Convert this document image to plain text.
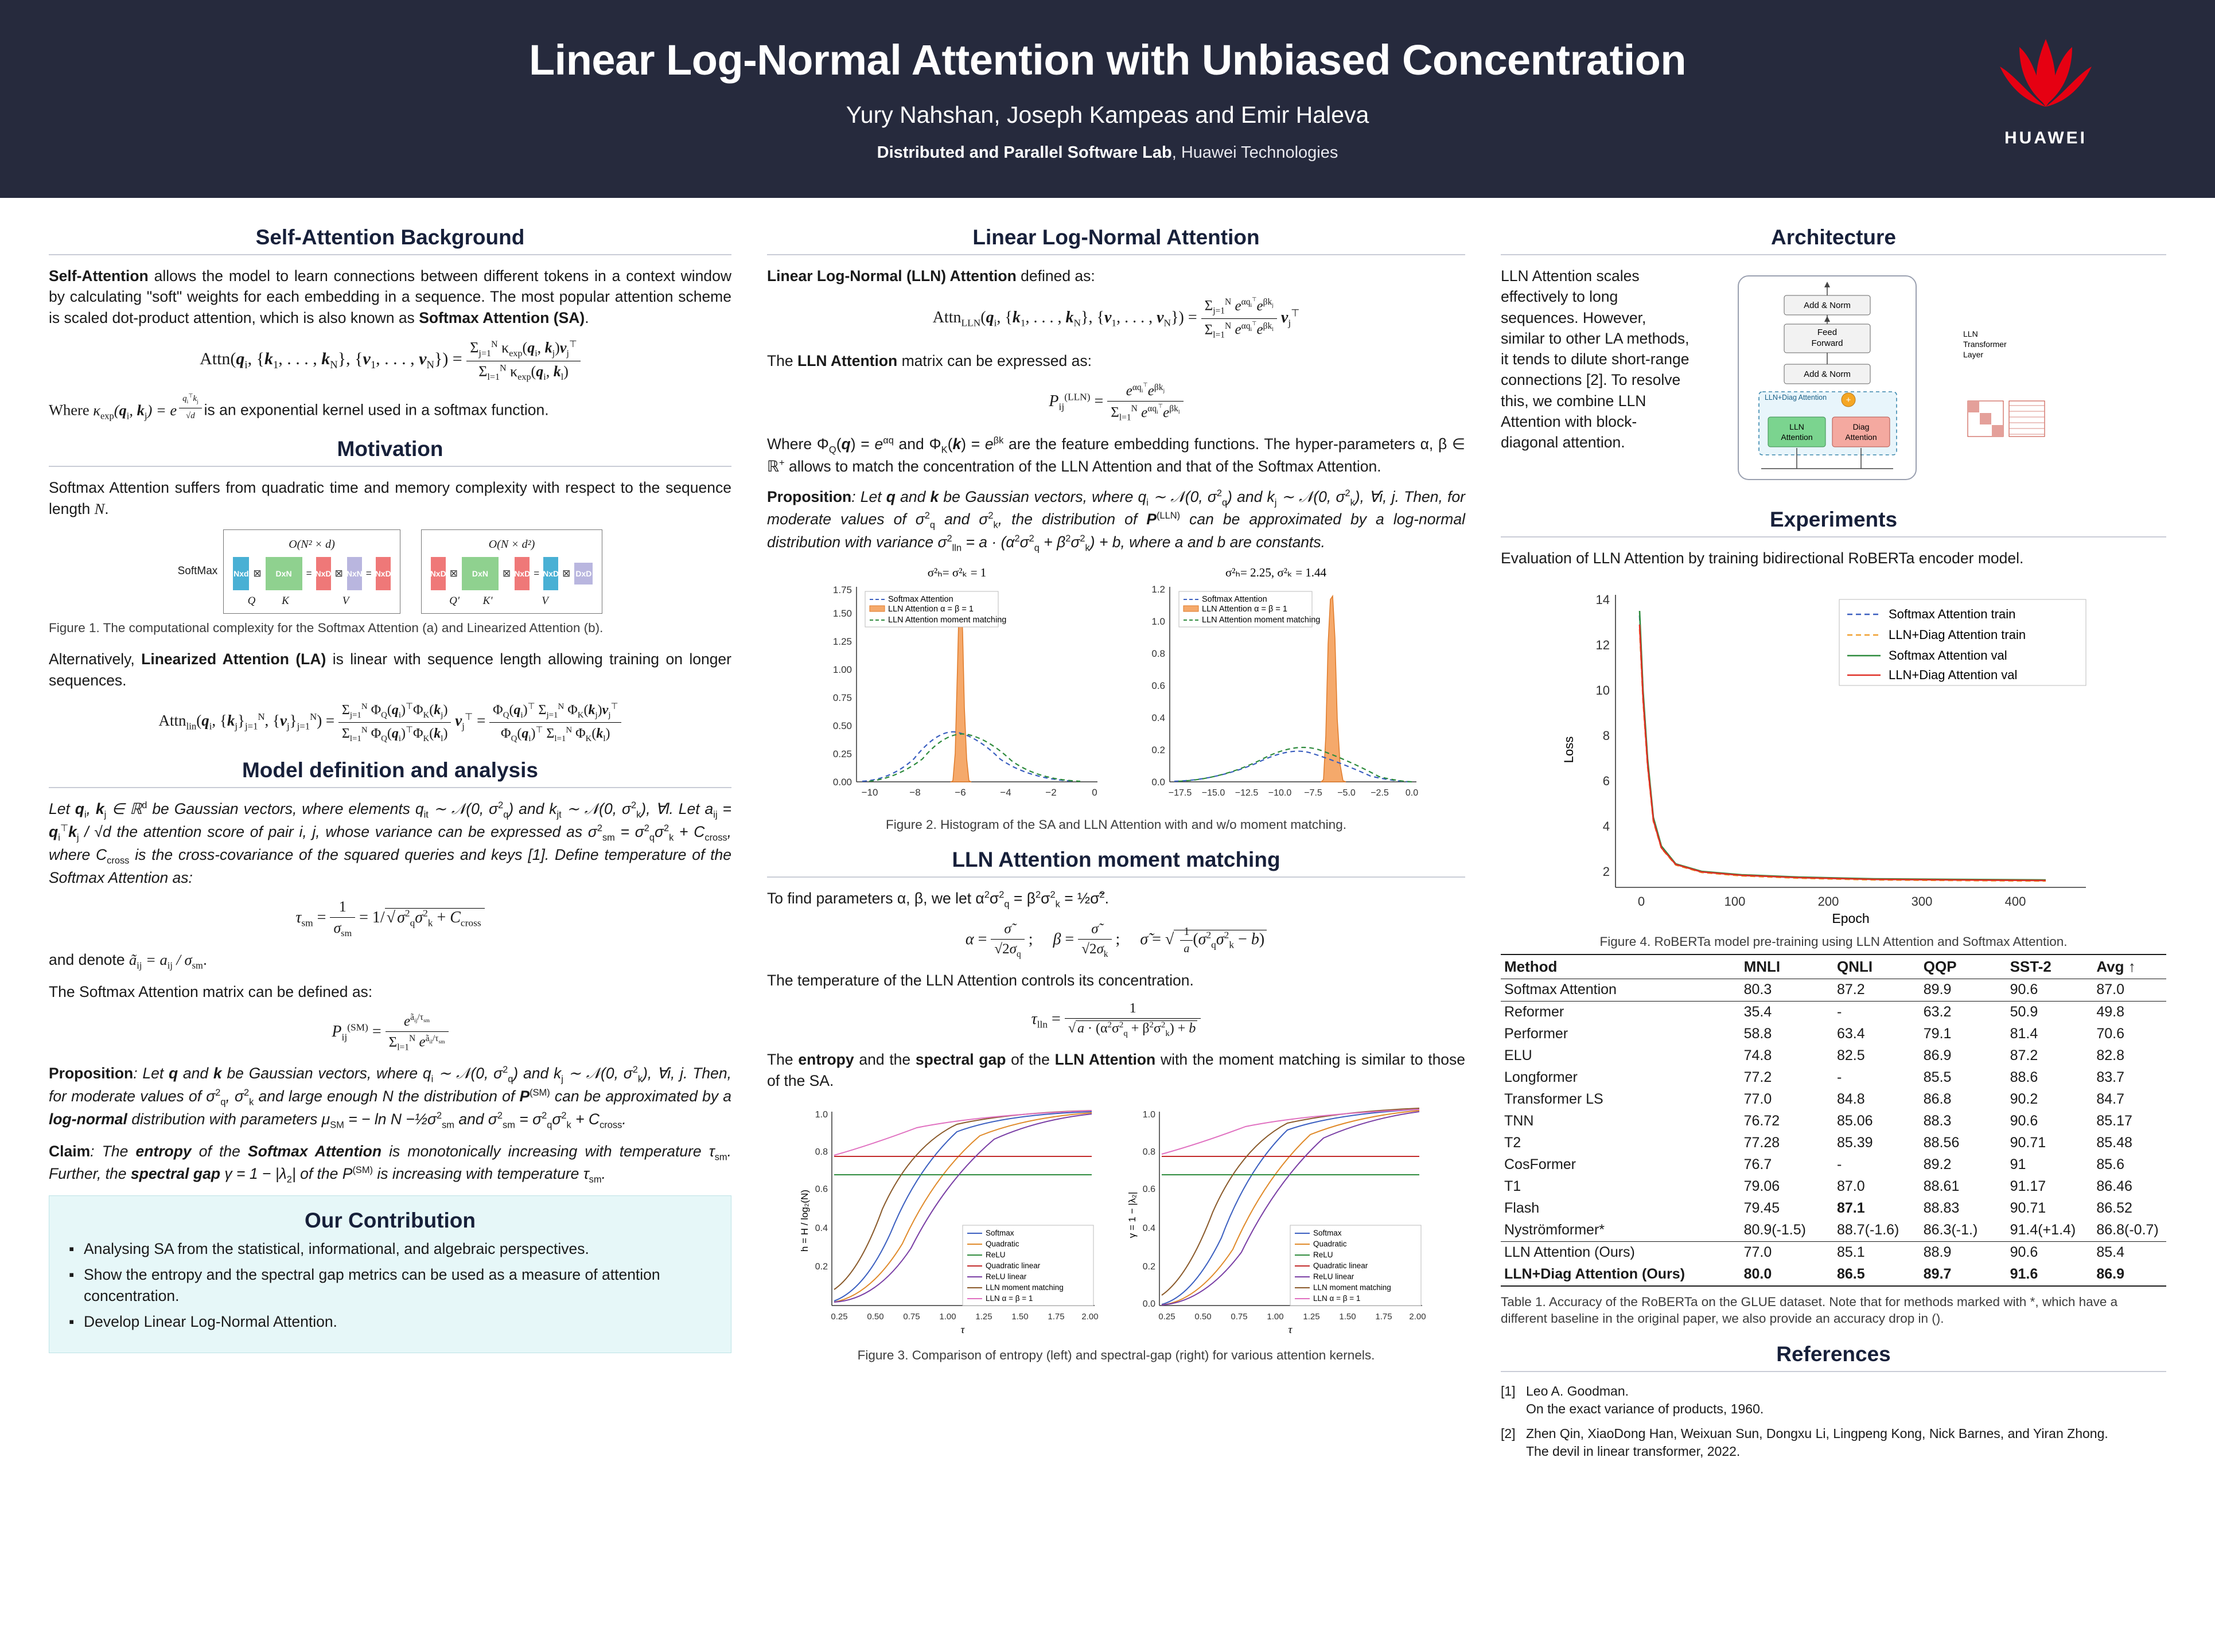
Linear Log-Normal Attention with Unbiased Concentration
Yury Nahshan, Joseph Kampeas and Emir Haleva
Distributed and Parallel Software Lab, Huawei Technologies
HUAWEI
Self-Attention Background

Self-Attention allows the model to learn connections between different tokens in a context window by calculating "soft" weights for each embedding in a sequence. The most popular attention scheme is scaled dot-product attention, which is also known as Softmax Attention (SA).

$Attn(q_i$, {$k_1$, . . . , $k_N$}, {$v_1$, . . . , $v_N\}) = \frac{\Sigma_{j=1}^N \kappa_{exp}(q_i, k_j)v_j^⊤}{\Sigma_{l=1}^N \kappa_{exp}(q_i, k_l)}$

Where $\kappa_{exp}(q_i$, $k_j) = e$ $^{\frac{q_i^⊤k_j}{√d}}$ is an exponential kernel used in a softmax function.

Motivation

Softmax Attention suffers from quadratic time and memory complexity with respect to the sequence length N.

SoftMax
O(N² × d)
Nxd ⊠	DxN	= NxD ⊠ NxN = NxD
Q	K	V
O(N × d²)
NxD ⊠	DxN	⊠ NxD = NxD ⊠ DxD
Q'	K'	V
Figure 1. The computational complexity for the Softmax Attention (a) and Linearized Attention (b).

Alternatively, Linearized Attention (LA) is linear with sequence length allowing training on longer sequences.

$Attn_{lin}(q_i$, $\{k_j\}_{j=1}^N$, $\{v_j\}_{j=1}^N) = \frac{\Sigma_{j=1}^N \Phi_Q(q_i)^⊤\Phi_K(k_j)}{\Sigma_{l=1}^N \Phi_Q(q_i)^⊤\Phi_K(k_l)} v_j^⊤ = \frac{\Phi_Q(q_i)^⊤ \Sigma_{j=1}^N \Phi_K(k_j)v_j^⊤}{\Phi_Q(q_i)^⊤ \Sigma_{l=1}^N \Phi_K(k_l)}$
Model definition and analysis

Let $q_i$, $k_j$ ∈ ℝ$^d$ be Gaussian vectors, where elements $q_{it}$ ∼ 𝒩(0, $\sigma^2_q$) and $k_{jt}$ ∼ 𝒩(0, $\sigma^2_k$), ∀l. Let $a_{ij} = q_i^⊤k_j / √d$ the attention score of pair i, j, whose variance can be expressed as $\sigma^2_{sm} = \sigma^2_q\sigma^2_k + C_{cross}$, where $C_{cross}$ is the cross-covariance of the squared queries and keys [1]. Define temperature of the Softmax Attention as:

$\tau_{sm} = \frac{1}{\sigma_{sm}} = 1/$ √ $\sigma^2_q\sigma^2_k + C_{cross}$

and denote $ã_{ij} = a_{ij} / \sigma_{sm}$.

The Softmax Attention matrix can be defined as:

$P_{ij}^{(SM)} = \frac{e^{ã_{ij}/\tau_{sm}}}{\Sigma_{l=1}^N e^{ã_{il}/\tau_{sm}}}$

Proposition: Let q and k be Gaussian vectors, where $q_i$ ∼ 𝒩(0, $\sigma^2_q$) and $k_j$ ∼ 𝒩(0, $\sigma^2_k$), ∀i, j. Then, for moderate values of $\sigma^2_q$, $\sigma^2_k$ and large enough N the distribution of $P^{(SM)}$ can be approximated by a log-normal distribution with parameters $\mu_{SM}$ = − $\ln N -\frac{1}{2}\sigma^2_{sm}$ and $\sigma^2_{sm} = \sigma^2_q\sigma^2_k + C_{cross}$.

Claim: The entropy of the Softmax Attention is monotonically increasing with temperature $\tau_{sm}$. Further, the spectral gap $\gamma = 1 - |\lambda_2|$ of the $P^{(SM)}$ is increasing with temperature $\tau_{sm}$.

Our Contribution
▪ Analysing SA from the statistical, informational, and algebraic perspectives.
▪ Show the entropy and the spectral gap metrics can be used as a measure of attention concentration.
▪ Develop Linear Log-Normal Attention.
Linear Log-Normal Attention

Linear Log-Normal (LLN) Attention defined as:

$Attn_{LLN}(q_i$, {$k_1$, . . . , $k_N$}, {$v_1$, . . . , $v_N\}) = \frac{\Sigma_{j=1}^N e^{\alpha q_i^⊤}e^{\beta k_j}}{\Sigma_{l=1}^N e^{\alpha q_i^⊤}e^{\beta k_l}} v_j^⊤$

The LLN Attention matrix can be expressed as:

$P_{ij}^{(LLN)} = \frac{e^{\alpha q_i^⊤}e^{\beta k_j}}{\Sigma_{l=1}^N e^{\alpha q_i^⊤}e^{\beta k_l}}$

Where $\Phi_Q(q) = e^{\alpha q}$ and $\Phi_K(k) = e^{\beta k}$ are the feature embedding functions. The hyper-parameters α, β ∈ ℝ+ allows to match the concentration of the LLN Attention and that of the Softmax Attention.

Proposition: Let q and k be Gaussian vectors, where $q_i$ ∼ 𝒩(0, $\sigma^2_q$) and $k_j$ ∼ 𝒩(0, $\sigma^2_k$), ∀i, j. Then, for moderate values of $\sigma^2_q$ and $\sigma^2_k$, the distribution of $P^{(LLN)}$ can be approximated by a log-normal distribution with variance $\sigma^2_{lln} = a \cdot (\alpha^2\sigma^2_q + \beta^2\sigma^2_k) + b$, where a and b are constants.

σ²ₕ= σ²ₖ = 1
0.00
0.25
0.50
0.75
1.00
1.25
1.50
1.75
−10	−8	−6	−4	−2	0
Softmax Attention
LLN Attention α = β = 1
LLN Attention moment matching
σ²ₕ= 2.25, σ²ₖ = 1.44
0.0
0.2
0.4
0.6
0.8
1.0
1.2
−17.5 −15.0 −12.5 −10.0 −7.5 −5.0 −2.5 0.0
Softmax Attention
LLN Attention α = β = 1
LLN Attention moment matching
Figure 2. Histogram of the SA and LLN Attention with and w/o moment matching.
LLN Attention moment matching

To find parameters α, β, we let $\alpha^2\sigma^2_q = \beta^2\sigma^2_k$ = ½σ̃$^2$.

$\alpha = \frac{\sigmã}{√2\sigma_q}$ ;     $\beta = \frac{\sigmã}{√2\sigma_k}$ ;     σ̃ = √ $\frac{1}{a} (\sigma^2_q\sigma^2_k - b)$

The temperature of the LLN Attention controls its concentration.

$\tau_{lln} = \frac{1}{√ a \cdot (\alpha^2\sigma^2_q + \beta^2\sigma^2_k) + b}$

The entropy and the spectral gap of the LLN Attention with the moment matching is similar to those of the SA.

h = H / log₂(N)
1.0
0.8
0.6
0.4
0.2
0.25 0.50 0.75 1.00 1.25 1.50 1.75 2.00
τ
Softmax
Quadratic
ReLU
Quadratic linear
ReLU linear
LLN moment matching
LLN α = β = 1
γ = 1 − |λ₂|
1.0
0.8
0.6
0.4
0.2
0.0
0.25 0.50 0.75 1.00 1.25 1.50 1.75 2.00
τ
Softmax
Quadratic
ReLU
Quadratic linear
ReLU linear
LLN moment matching
LLN α = β = 1
Figure 3. Comparison of entropy (left) and spectral-gap (right) for various attention kernels.
Architecture

LLN Attention scales effectively to long sequences. However, similar to other LA methods, it tends to dilute short-range connections [2]. To resolve this, we combine LLN Attention with block-diagonal attention.

Add & Norm
Feed
Forward
Add & Norm
LLN+Diag Attention +
LLN
Attention
Diag
Attention
LLN
Transformer
Layer
Experiments

Evaluation of LLN Attention by training bidirectional RoBERTa encoder model.

Loss
14
12
10
8
6
4
2
0	100	200	300	400
Epoch
Softmax Attention train
LLN+Diag Attention train
Softmax Attention val
LLN+Diag Attention val
Figure 4. RoBERTa model pre-training using LLN Attention and Softmax Attention.
Method	MNLI	QNLI	QQP	SST-2	Avg ↑
Softmax Attention	80.3	87.2	89.9	90.6	87.0
Reformer	35.4	-	63.2	50.9	49.8
Performer	58.8	63.4	79.1	81.4	70.6
ELU	74.8	82.5	86.9	87.2	82.8
Longformer	77.2	-	85.5	88.6	83.7
Transformer LS	77.0	84.8	86.8	90.2	84.7
TNN	76.72	85.06	88.3	90.6	85.17
T2	77.28	85.39	88.56	90.71	85.48
CosFormer	76.7	-	89.2	91	85.6
T1	79.06	87.0	88.61	91.17	86.46
Flash	79.45	87.1	88.83	90.71	86.52
Nyströmformer*	80.9(-1.5)	88.7(-1.6)	86.3(-1.)	91.4(+1.4)	86.8(-0.7)
LLN Attention (Ours)	77.0	85.1	88.9	90.6	85.4
LLN+Diag Attention (Ours)	80.0	86.5	89.7	91.6	86.9
Table 1. Accuracy of the RoBERTa on the GLUE dataset. Note that for methods marked with *, which have a different baseline in the original paper, we also provide an accuracy drop in ().
References
[1] Leo A. Goodman.
On the exact variance of products, 1960.
[2] Zhen Qin, XiaoDong Han, Weixuan Sun, Dongxu Li, Lingpeng Kong, Nick Barnes, and Yiran Zhong.
The devil in linear transformer, 2022.
